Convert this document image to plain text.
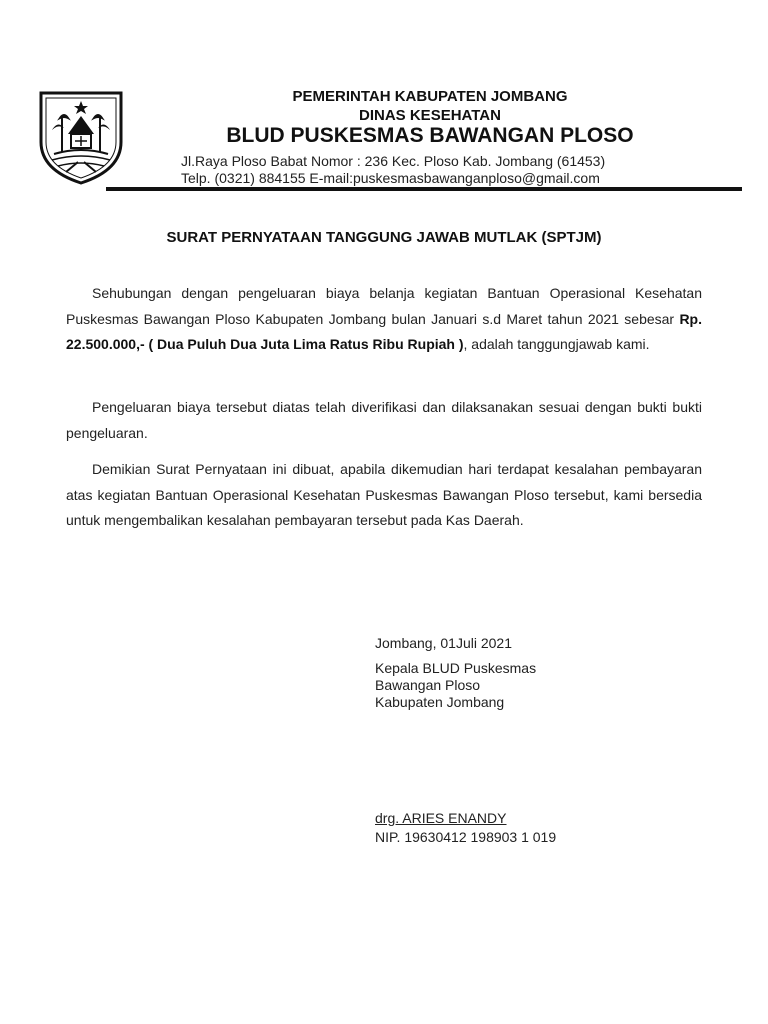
PEMERINTAH KABUPATEN JOMBANG
DINAS KESEHATAN
BLUD PUSKESMAS BAWANGAN PLOSO
Jl.Raya Ploso Babat Nomor : 236 Kec. Ploso Kab. Jombang (61453)
Telp. (0321) 884155 E-mail:puskesmasbawanganploso@gmail.com
SURAT PERNYATAAN TANGGUNG JAWAB MUTLAK (SPTJM)
Sehubungan dengan pengeluaran biaya belanja kegiatan Bantuan Operasional Kesehatan Puskesmas Bawangan Ploso Kabupaten Jombang bulan Januari s.d Maret tahun 2021 sebesar Rp. 22.500.000,- ( Dua Puluh Dua Juta Lima Ratus Ribu Rupiah ), adalah tanggungjawab kami.
Pengeluaran biaya tersebut diatas telah diverifikasi dan dilaksanakan sesuai dengan bukti bukti pengeluaran.
Demikian Surat Pernyataan ini dibuat, apabila dikemudian hari terdapat kesalahan pembayaran atas kegiatan Bantuan Operasional Kesehatan Puskesmas Bawangan Ploso tersebut, kami bersedia untuk mengembalikan kesalahan pembayaran tersebut pada Kas Daerah.
Jombang, 01Juli 2021
Kepala BLUD Puskesmas
Bawangan Ploso
Kabupaten Jombang
drg. ARIES ENANDY
NIP. 19630412 198903 1 019
